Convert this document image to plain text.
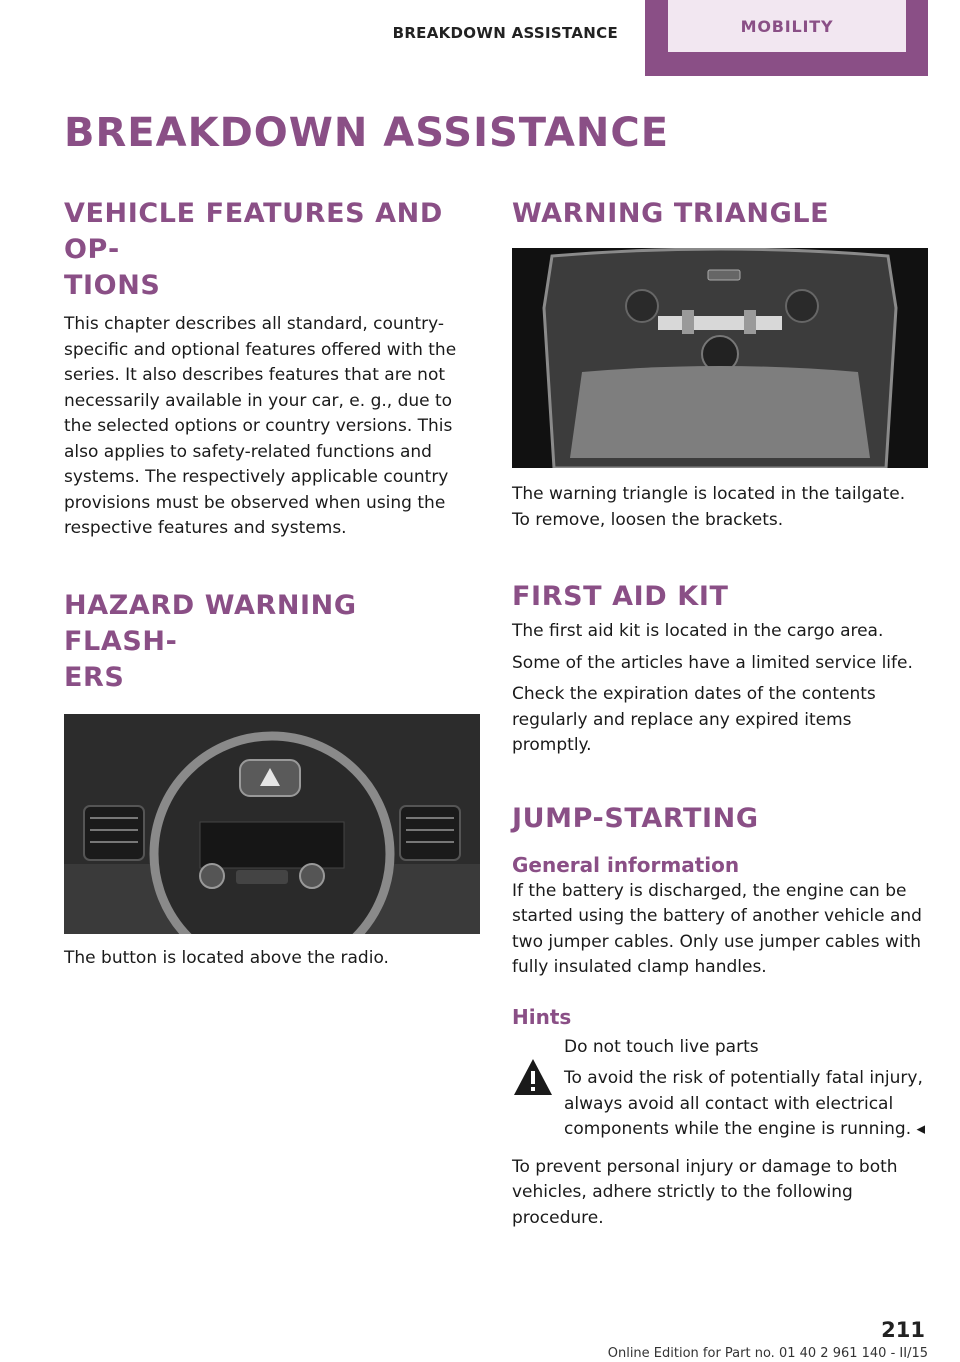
BREAKDOWN ASSISTANCE	MOBILITY
BREAKDOWN ASSISTANCE
VEHICLE FEATURES AND OP‐
TIONS

This chapter describes all standard, country-specific and optional features offered with the series. It also describes features that are not necessarily available in your car, e. g., due to the selected options or country versions. This also applies to safety-related functions and systems. The respectively applicable country provisions must be observed when using the respective features and systems.

HAZARD WARNING FLASH‐
ERS

The button is located above the radio.

WARNING TRIANGLE

The warning triangle is located in the tailgate. To remove, loosen the brackets.

FIRST AID KIT

The first aid kit is located in the cargo area.

Some of the articles have a limited service life.

Check the expiration dates of the contents regularly and replace any expired items promptly.

JUMP-STARTING
General information

If the battery is discharged, the engine can be started using the battery of another vehicle and two jumper cables. Only use jumper cables with fully insulated clamp handles.

Hints

Do not touch live parts

To avoid the risk of potentially fatal injury, always avoid all contact with electrical components while the engine is running. ◂

To prevent personal injury or damage to both vehicles, adhere strictly to the following procedure.

211
Online Edition for Part no. 01 40 2 961 140 - II/15
